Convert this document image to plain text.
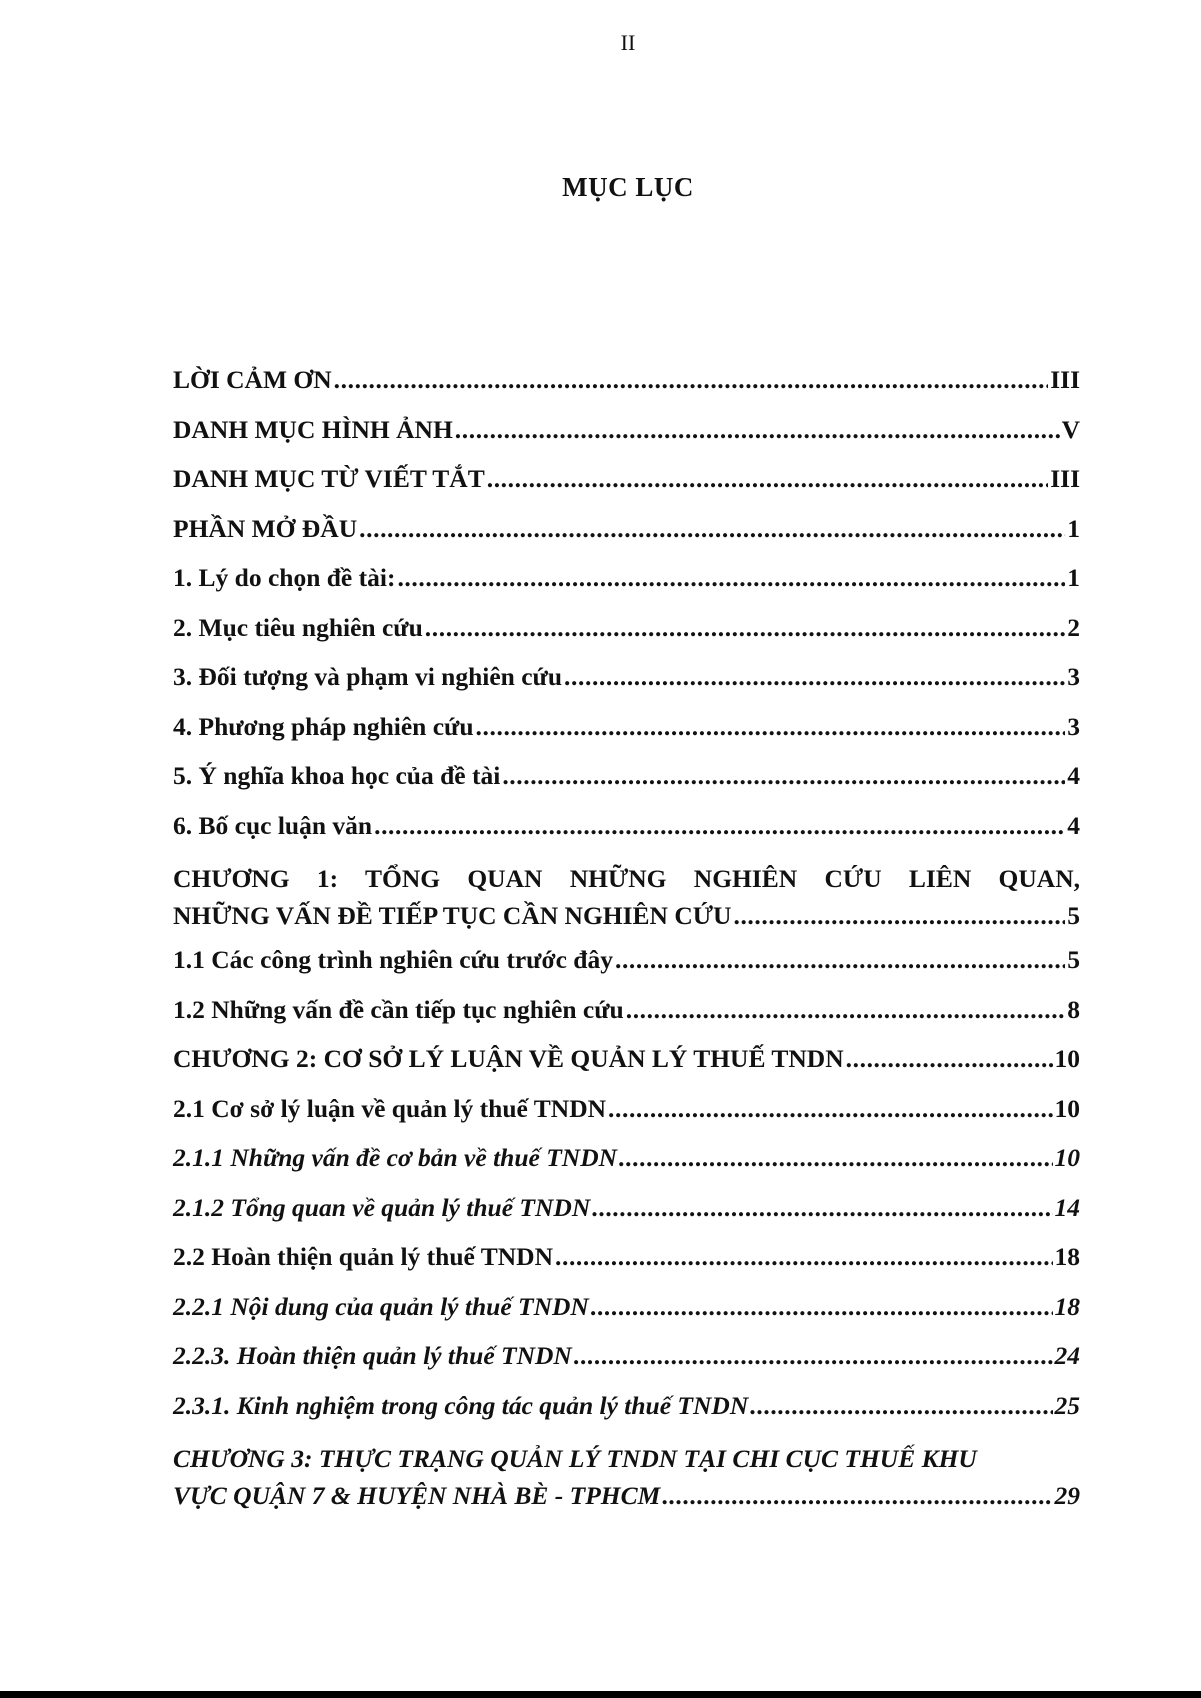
II
MỤC LỤC
LỜI CẢM ƠN .....	III
DANH MỤC HÌNH ẢNH .....	V
DANH MỤC TỪ VIẾT TẮT .....	III
PHẦN MỞ ĐẦU .....	1
1. Lý do chọn đề tài: .....	1
2. Mục tiêu nghiên cứu .....	2
3. Đối tượng và phạm vi nghiên cứu .....	3
4. Phương pháp nghiên cứu .....	3
5. Ý nghĩa khoa học của đề tài .....	4
6. Bố cục luận văn .....	4
CHƯƠNG 1: TỔNG QUAN NHỮNG NGHIÊN CỨU LIÊN QUAN,
NHỮNG VẤN ĐỀ TIẾP TỤC CẦN NGHIÊN CỨU .....	5
1.1 Các công trình nghiên cứu trước đây .....	5
1.2 Những vấn đề cần tiếp tục nghiên cứu .....	8
CHƯƠNG 2: CƠ SỞ LÝ LUẬN VỀ QUẢN LÝ THUẾ TNDN .....	10
2.1 Cơ sở lý luận về quản lý thuế TNDN .....	10
2.1.1 Những vấn đề cơ bản về thuế TNDN .....	10
2.1.2 Tổng quan về quản lý thuế TNDN .....	14
2.2 Hoàn thiện quản lý thuế TNDN .....	18
2.2.1 Nội dung của quản lý thuế TNDN .....	18
2.2.3. Hoàn thiện quản lý thuế TNDN .....	24
2.3.1. Kinh nghiệm trong công tác quản lý thuế TNDN .....	25
CHƯƠNG 3: THỰC TRẠNG QUẢN LÝ TNDN TẠI CHI CỤC THUẾ KHU
VỰC QUẬN 7 & HUYỆN NHÀ BÈ - TPHCM .....	29
